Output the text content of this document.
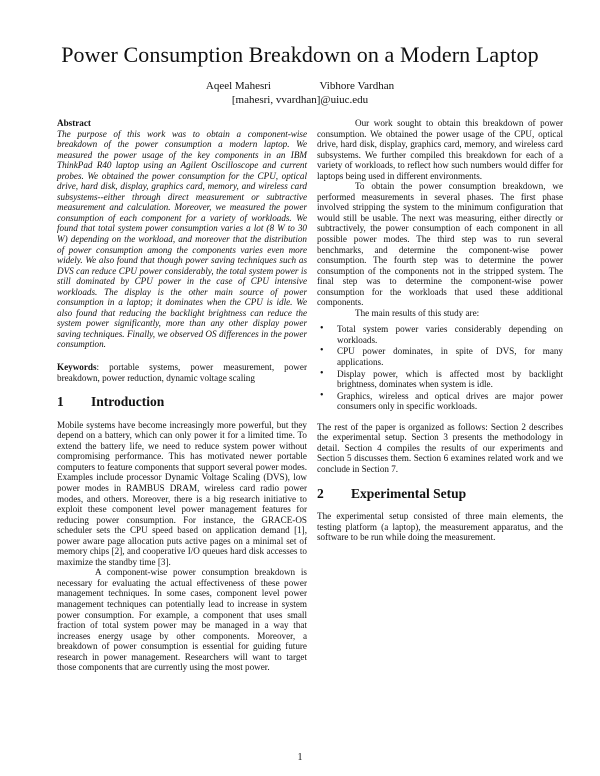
Power Consumption Breakdown on a Modern Laptop
Aqeel Mahesri	Vibhore Vardhan
[mahesri, vvardhan]@uiuc.edu

Abstract

The purpose of this work was to obtain a component-wise breakdown of the power consumption a modern laptop. We measured the power usage of the key components in an IBM ThinkPad R40 laptop using an Agilent Oscilloscope and current probes. We obtained the power consumption for the CPU, optical drive, hard disk, display, graphics card, memory, and wireless card subsystems--either through direct measurement or subtractive measurement and calculation. Moreover, we measured the power consumption of each component for a variety of workloads. We found that total system power consumption varies a lot (8 W to 30 W) depending on the workload, and moreover that the distribution of power consumption among the components varies even more widely. We also found that though power saving techniques such as DVS can reduce CPU power considerably, the total system power is still dominated by CPU power in the case of CPU intensive workloads. The display is the other main source of power consumption in a laptop; it dominates when the CPU is idle. We also found that reducing the backlight brightness can reduce the system power significantly, more than any other display power saving techniques. Finally, we observed OS differences in the power consumption.

Keywords: portable systems, power measurement, power breakdown, power reduction, dynamic voltage scaling

1	Introduction

Mobile systems have become increasingly more powerful, but they depend on a battery, which can only power it for a limited time. To extend the battery life, we need to reduce system power without compromising performance. This has motivated newer portable computers to feature components that support several power modes. Examples include processor Dynamic Voltage Scaling (DVS), low power modes in RAMBUS DRAM, wireless card radio power modes, and others. Moreover, there is a big research initiative to exploit these component level power management features for reducing power consumption. For instance, the GRACE-OS scheduler sets the CPU speed based on application demand [1], power aware page allocation puts active pages on a minimal set of memory chips [2], and cooperative I/O queues hard disk accesses to maximize the standby time [3].

A component-wise power consumption breakdown is necessary for evaluating the actual effectiveness of these power management techniques. In some cases, component level power management techniques can potentially lead to increase in system power consumption. For example, a component that uses small fraction of total system power may be managed in a way that increases energy usage by other components. Moreover, a breakdown of power consumption is essential for guiding future research in power management. Researchers will want to target those components that are currently using the most power.

Our work sought to obtain this breakdown of power consumption. We obtained the power usage of the CPU, optical drive, hard disk, display, graphics card, memory, and wireless card subsystems. We further compiled this breakdown for each of a variety of workloads, to reflect how such numbers would differ for laptops being used in different environments.

To obtain the power consumption breakdown, we performed measurements in several phases. The first phase involved stripping the system to the minimum configuration that would still be usable. The next was measuring, either directly or subtractively, the power consumption of each component in all possible power modes. The third step was to run several benchmarks, and determine the component-wise power consumption. The fourth step was to determine the power consumption of the components not in the stripped system. The final step was to determine the component-wise power consumption for the workloads that used these additional components.

The main results of this study are:

• Total system power varies considerably depending on workloads.
• CPU power dominates, in spite of DVS, for many applications.
• Display power, which is affected most by backlight brightness, dominates when system is idle.
• Graphics, wireless and optical drives are major power consumers only in specific workloads.

The rest of the paper is organized as follows: Section 2 describes the experimental setup. Section 3 presents the methodology in detail. Section 4 compiles the results of our experiments and Section 5 discusses them. Section 6 examines related work and we conclude in Section 7.

2	Experimental Setup

The experimental setup consisted of three main elements, the testing platform (a laptop), the measurement apparatus, and the software to be run while doing the measurement.

1
